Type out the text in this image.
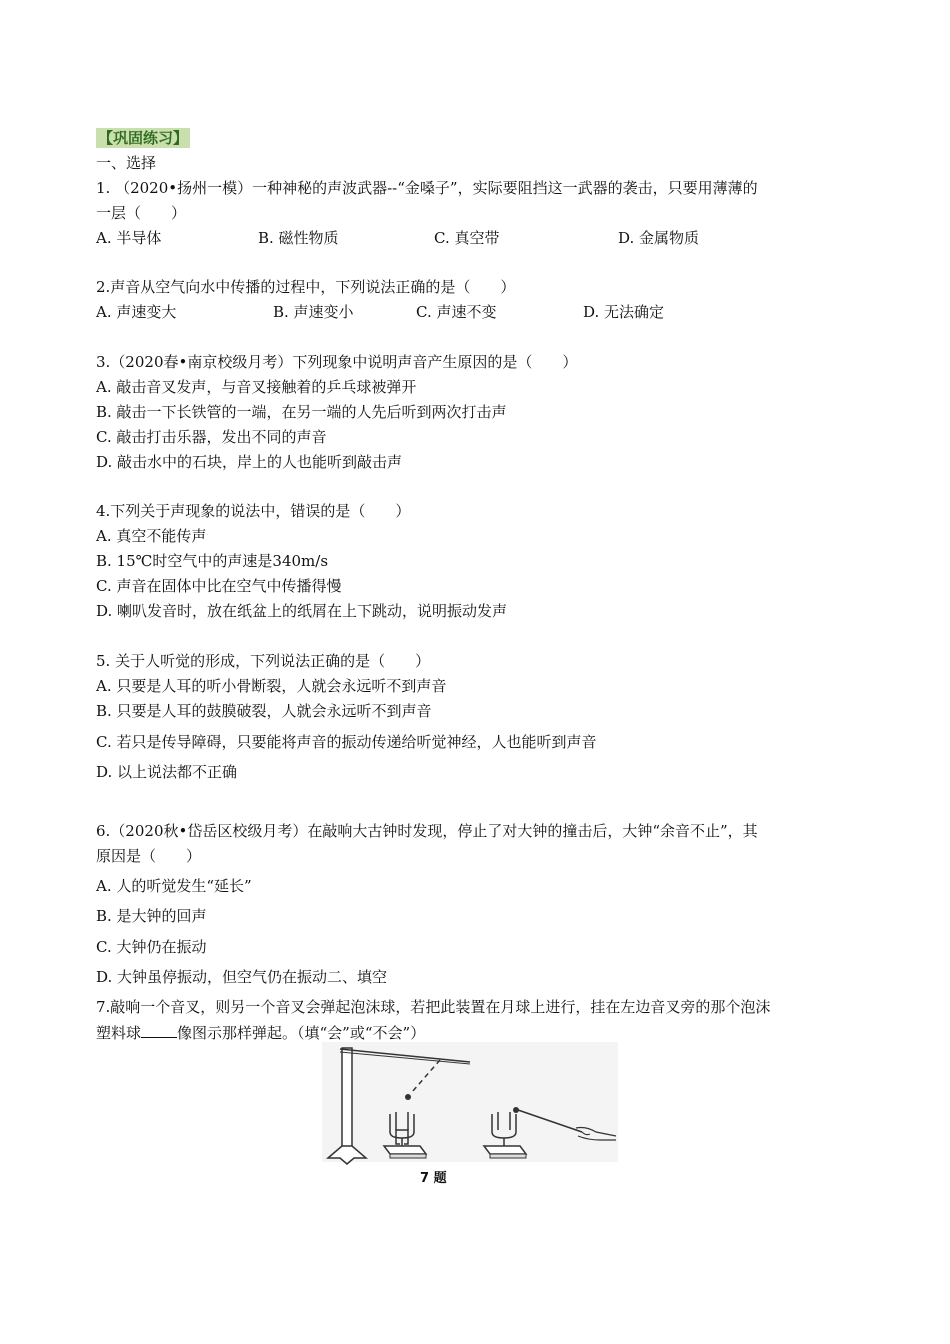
【巩固练习】
一、选择
1. （2020•扬州一模）一种神秘的声波武器--“金嗓子”，实际要阻挡这一武器的袭击，只要用薄薄的
一层（　　）
A. 半导体	B. 磁性物质	C. 真空带	D. 金属物质
2.声音从空气向水中传播的过程中，下列说法正确的是（　　）
A. 声速变大	B. 声速变小	C. 声速不变	D. 无法确定
3.（2020春•南京校级月考）下列现象中说明声音产生原因的是（　　）
A. 敲击音叉发声，与音叉接触着的乒乓球被弹开
B. 敲击一下长铁管的一端，在另一端的人先后听到两次打击声
C. 敲击打击乐器，发出不同的声音
D. 敲击水中的石块，岸上的人也能听到敲击声
4.下列关于声现象的说法中，错误的是（　　）
A. 真空不能传声
B. 15℃时空气中的声速是340m/s
C. 声音在固体中比在空气中传播得慢
D. 喇叭发音时，放在纸盆上的纸屑在上下跳动，说明振动发声
5. 关于人听觉的形成，下列说法正确的是（　　）
A. 只要是人耳的听小骨断裂，人就会永远听不到声音
B. 只要是人耳的鼓膜破裂，人就会永远听不到声音
C. 若只是传导障碍，只要能将声音的振动传递给听觉神经，人也能听到声音
D. 以上说法都不正确
6.（2020秋•岱岳区校级月考）在敲响大古钟时发现，停止了对大钟的撞击后，大钟“余音不止”，其
原因是（　　）
A. 人的听觉发生“延长”
B. 是大钟的回声
C. 大钟仍在振动
D. 大钟虽停振动，但空气仍在振动二、填空
7.敲响一个音叉，则另一个音叉会弹起泡沫球，若把此装置在月球上进行，挂在左边音叉旁的那个泡沫
塑料球 像图示那样弹起。（填“会”或“不会”）
7 题
